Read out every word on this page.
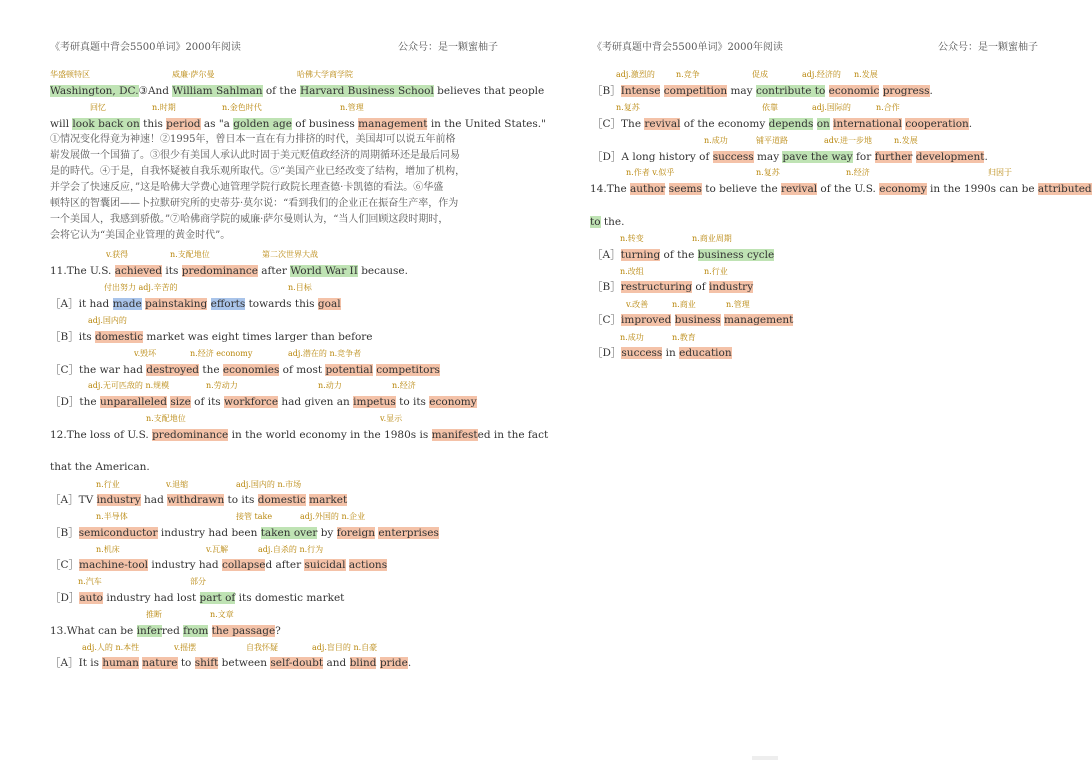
《考研真题中背会5500单词》2000年阅读	公众号：是一颗蜜柚子
华盛顿特区	威廉·萨尔曼	哈佛大学商学院
Washington, DC.③And William Sahlman of the Harvard Business School believes that people
回忆	n.时期	n.金色时代	n.管理
will look back on this period as "a golden age of business management in the United States."
①情况变化得竟为神速！②1995年，曾日本一直在有力排挤的时代，美国却可以说五年前格
崭发展做一个国猫了。③很少有美国人承认此时固于美元贬值政经济的周期循环还是最后同易
是的時代。④于是，自我怀疑被自我乐观所取代。⑤“美国产业已经改变了结构，增加了机构，
并学会了快速反应，”这是哈佛大学费心迪管理学院行政院长理查德·卡凯德的看法。⑥华盛
顿特区的智囊团——卜拉默研究所的史蒂芬·莫尔说：“看到我们的企业正在振奋生产率，作为
一个美国人，我感到骄傲。”⑦哈佛商学院的威廉·萨尔曼则认为，“当人们回顾这段时期时，
会将它认为“美国企业管理的黄金时代”。
v.获得	n.支配地位	第二次世界大战
11.The U.S. achieved its predominance after World War II because.
付出努力 adj.辛苦的	n.目标
［A］it had made painstaking efforts towards this goal
adj.国内的
［B］its domestic market was eight times larger than before
v.毁坏	n.经济 economy	adj.潜在的 n.竞争者
［C］the war had destroyed the economies of most potential competitors
adj.无可匹敌的 n.规模	n.劳动力	n.动力	n.经济
［D］the unparalleled size of its workforce had given an impetus to its economy
n.支配地位	v.显示
12.The loss of U.S. predominance in the world economy in the 1980s is manifested in the fact
that the American.
n.行业	v.退缩	adj.国内的 n.市场
［A］TV industry had withdrawn to its domestic market
n.半导体	接管 take	adj.外国的 n.企业
［B］semiconductor industry had been taken over by foreign enterprises
n.机床	v.瓦解	adj.自杀的 n.行为
［C］machine-tool industry had collapsed after suicidal actions
n.汽车	部分
［D］auto industry had lost part of its domestic market
推断	n.文章
13.What can be inferred from the passage?
adj.人的 n.本性	v.摇摆	自我怀疑	adj.盲目的 n.自豪
［A］It is human nature to shift between self-doubt and blind pride.
《考研真题中背会5500单词》2000年阅读	公众号：是一颗蜜柚子
adj.激烈的	n.竞争	促成	adj.经济的 n.发展
［B］Intense competition may contribute to economic progress.
n.复苏	依靠	adj.国际的	n.合作
［C］The revival of the economy depends on international cooperation.
n.成功	铺平道路	adv.进一步地	n.发展
［D］A long history of success may pave the way for further development.
n.作者 v.似乎	n.复苏	n.经济	归因于
14.The author seems to believe the revival of the U.S. economy in the 1990s can be attributed
to the.
n.转变	n.商业周期
［A］turning of the business cycle
n.改组	n.行业
［B］restructuring of industry
v.改善	n.商业	n.管理
［C］improved business management
n.成功	n.教育
［D］success in education
